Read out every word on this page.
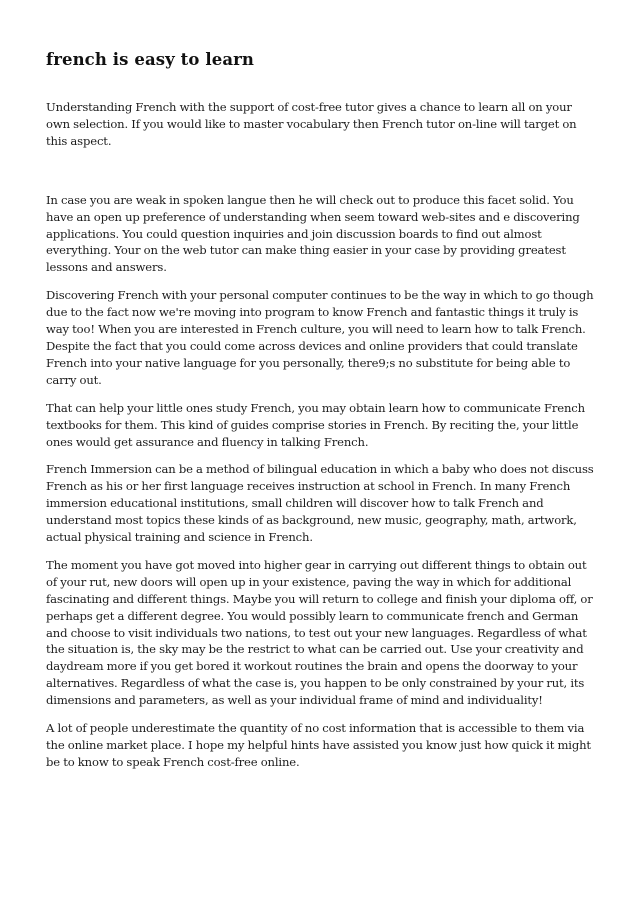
french is easy to learn

Understanding French with the support of cost-free tutor gives a chance to learn all on your own selection. If you would like to master vocabulary then French tutor on-line will target on this aspect.

In case you are weak in spoken langue then he will check out to produce this facet solid. You have an open up preference of understanding when seem toward web-sites and e discovering applications. You could question inquiries and join discussion boards to find out almost everything. Your on the web tutor can make thing easier in your case by providing greatest lessons and answers.

Discovering French with your personal computer continues to be the way in which to go though due to the fact now we're moving into program to know French and fantastic things it truly is way too! When you are interested in French culture, you will need to learn how to talk French. Despite the fact that you could come across devices and online providers that could translate French into your native language for you personally, there9;s no substitute for being able to carry out.

That can help your little ones study French, you may obtain learn how to communicate French textbooks for them. This kind of guides comprise stories in French. By reciting the, your little ones would get assurance and fluency in talking French.

French Immersion can be a method of bilingual education in which a baby who does not discuss French as his or her first language receives instruction at school in French. In many French immersion educational institutions, small children will discover how to talk French and understand most topics these kinds of as background, new music, geography, math, artwork, actual physical training and science in French.

The moment you have got moved into higher gear in carrying out different things to obtain out of your rut, new doors will open up in your existence, paving the way in which for additional fascinating and different things. Maybe you will return to college and finish your diploma off, or perhaps get a different degree. You would possibly learn to communicate french and German and choose to visit individuals two nations, to test out your new languages. Regardless of what the situation is, the sky may be the restrict to what can be carried out. Use your creativity and daydream more if you get bored it workout routines the brain and opens the doorway to your alternatives. Regardless of what the case is, you happen to be only constrained by your rut, its dimensions and parameters, as well as your individual frame of mind and individuality!

A lot of people underestimate the quantity of no cost information that is accessible to them via the online market place. I hope my helpful hints have assisted you know just how quick it might be to know to speak French cost-free online.
